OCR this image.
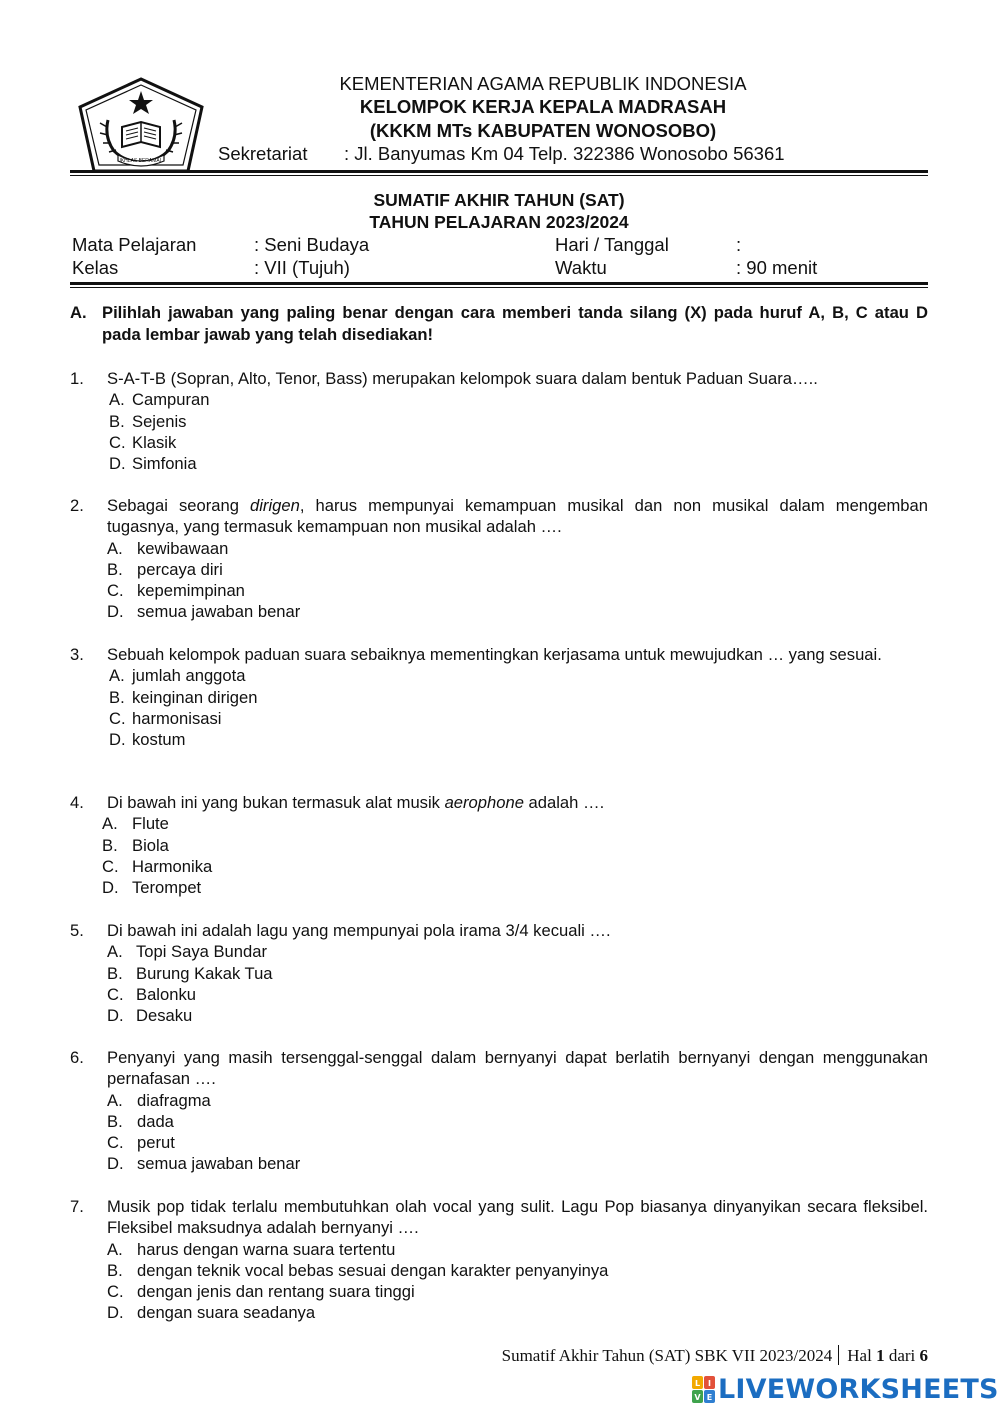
IKHLAS BERAMAL
KEMENTERIAN AGAMA REPUBLIK INDONESIA
KELOMPOK KERJA KEPALA MADRASAH
(KKKM MTs KABUPATEN WONOSOBO)
Sekretariat : Jl. Banyumas Km 04 Telp. 322386 Wonosobo 56361
SUMATIF AKHIR TAHUN (SAT)
TAHUN PELAJARAN 2023/2024
Mata Pelajaran	: Seni Budaya	Hari / Tanggal	:
Kelas	: VII (Tujuh)	Waktu	: 90 menit
A. Pilihlah jawaban yang paling benar dengan cara memberi tanda silang (X) pada huruf A, B, C atau D pada lembar jawab yang telah disediakan!
1. S-A-T-B (Sopran, Alto, Tenor, Bass) merupakan kelompok suara dalam bentuk Paduan Suara…..
A. Campuran
B. Sejenis
C. Klasik
D. Simfonia
2. Sebagai seorang dirigen, harus mempunyai kemampuan musikal dan non musikal dalam mengemban tugasnya, yang termasuk kemampuan non musikal adalah ….
A. kewibawaan
B. percaya diri
C. kepemimpinan
D. semua jawaban benar
3. Sebuah kelompok paduan suara sebaiknya mementingkan kerjasama untuk mewujudkan … yang sesuai.
A. jumlah anggota
B. keinginan dirigen
C. harmonisasi
D. kostum
4. Di bawah ini yang bukan termasuk alat musik aerophone adalah ….
A. Flute
B. Biola
C. Harmonika
D. Terompet
5. Di bawah ini adalah lagu yang mempunyai pola irama 3/4 kecuali ….
A. Topi Saya Bundar
B. Burung Kakak Tua
C. Balonku
D. Desaku
6. Penyanyi yang masih tersenggal-senggal dalam bernyanyi dapat berlatih bernyanyi dengan menggunakan pernafasan ….
A. diafragma
B. dada
C. perut
D. semua jawaban benar
7. Musik pop tidak terlalu membutuhkan olah vocal yang sulit. Lagu Pop biasanya dinyanyikan secara fleksibel. Fleksibel maksudnya adalah bernyanyi ….
A. harus dengan warna suara tertentu
B. dengan teknik vocal bebas sesuai dengan karakter penyanyinya
C. dengan jenis dan rentang suara tinggi
D. dengan suara seadanya
Sumatif Akhir Tahun (SAT) SBK VII 2023/2024 Hal 1 dari 6
L I
V E LIVEWORKSHEETS
